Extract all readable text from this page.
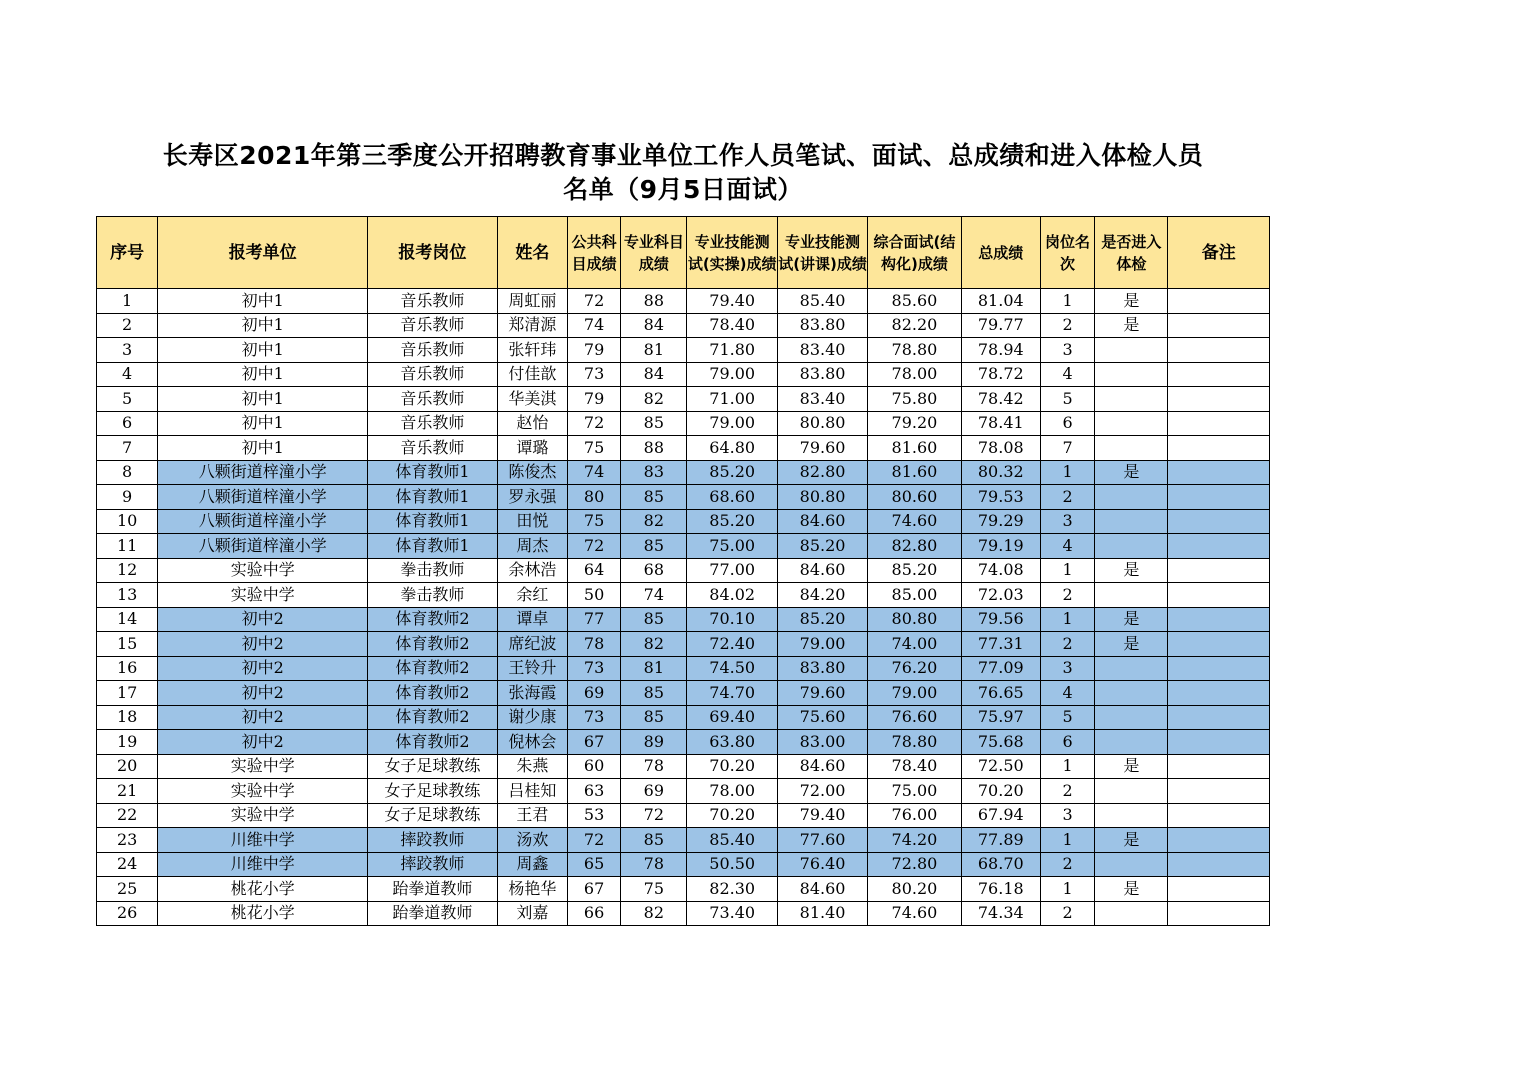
长寿区2021年第三季度公开招聘教育事业单位工作人员笔试、面试、总成绩和进入体检人员
名单（9月5日面试）
序号	报考单位	报考岗位	姓名	公共科目成绩	专业科目成绩	专业技能测试(实操)成绩	专业技能测试(讲课)成绩	综合面试(结构化)成绩	总成绩	岗位名次	是否进入体检	备注
1	初中1	音乐教师	周虹丽	72	88	79.40	85.40	85.60	81.04	1	是	
2	初中1	音乐教师	郑清源	74	84	78.40	83.80	82.20	79.77	2	是	
3	初中1	音乐教师	张轩玮	79	81	71.80	83.40	78.80	78.94	3		
4	初中1	音乐教师	付佳歆	73	84	79.00	83.80	78.00	78.72	4		
5	初中1	音乐教师	华美淇	79	82	71.00	83.40	75.80	78.42	5		
6	初中1	音乐教师	赵怡	72	85	79.00	80.80	79.20	78.41	6		
7	初中1	音乐教师	谭璐	75	88	64.80	79.60	81.60	78.08	7		
8	八颗街道梓潼小学	体育教师1	陈俊杰	74	83	85.20	82.80	81.60	80.32	1	是	
9	八颗街道梓潼小学	体育教师1	罗永强	80	85	68.60	80.80	80.60	79.53	2		
10	八颗街道梓潼小学	体育教师1	田悦	75	82	85.20	84.60	74.60	79.29	3		
11	八颗街道梓潼小学	体育教师1	周杰	72	85	75.00	85.20	82.80	79.19	4		
12	实验中学	拳击教师	余林浩	64	68	77.00	84.60	85.20	74.08	1	是	
13	实验中学	拳击教师	余红	50	74	84.02	84.20	85.00	72.03	2		
14	初中2	体育教师2	谭卓	77	85	70.10	85.20	80.80	79.56	1	是	
15	初中2	体育教师2	席纪波	78	82	72.40	79.00	74.00	77.31	2	是	
16	初中2	体育教师2	王铃升	73	81	74.50	83.80	76.20	77.09	3		
17	初中2	体育教师2	张海霞	69	85	74.70	79.60	79.00	76.65	4		
18	初中2	体育教师2	谢少康	73	85	69.40	75.60	76.60	75.97	5		
19	初中2	体育教师2	倪林会	67	89	63.80	83.00	78.80	75.68	6		
20	实验中学	女子足球教练	朱燕	60	78	70.20	84.60	78.40	72.50	1	是	
21	实验中学	女子足球教练	吕桂知	63	69	78.00	72.00	75.00	70.20	2		
22	实验中学	女子足球教练	王君	53	72	70.20	79.40	76.00	67.94	3		
23	川维中学	摔跤教师	汤欢	72	85	85.40	77.60	74.20	77.89	1	是	
24	川维中学	摔跤教师	周鑫	65	78	50.50	76.40	72.80	68.70	2		
25	桃花小学	跆拳道教师	杨艳华	67	75	82.30	84.60	80.20	76.18	1	是	
26	桃花小学	跆拳道教师	刘嘉	66	82	73.40	81.40	74.60	74.34	2		
